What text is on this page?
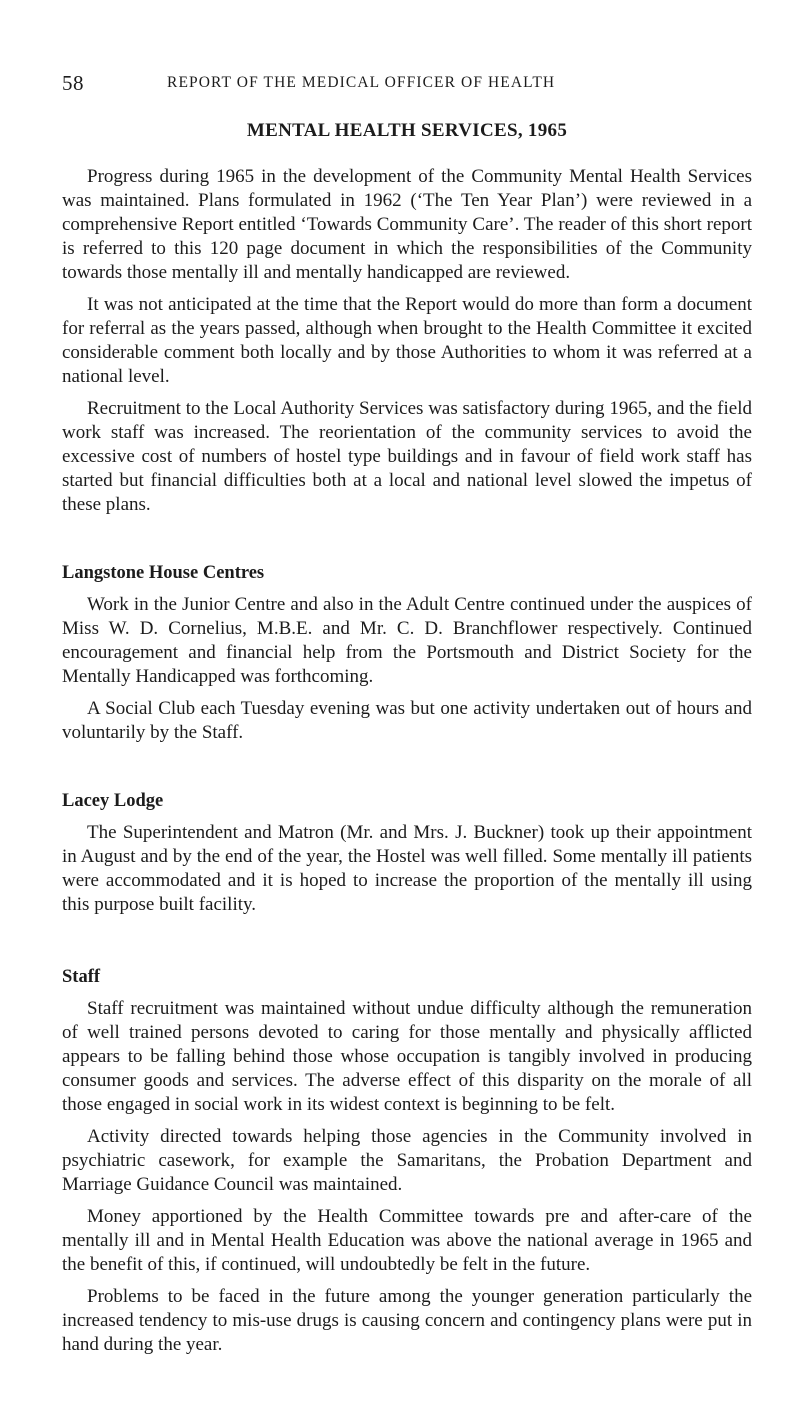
58	REPORT OF THE MEDICAL OFFICER OF HEALTH
MENTAL HEALTH SERVICES, 1965

Progress during 1965 in the development of the Community Mental Health Services was maintained. Plans formulated in 1962 (‘The Ten Year Plan’) were reviewed in a comprehensive Report entitled ‘Towards Community Care’. The reader of this short report is referred to this 120 page document in which the responsibilities of the Community towards those mentally ill and mentally handicapped are reviewed.

It was not anticipated at the time that the Report would do more than form a document for referral as the years passed, although when brought to the Health Committee it excited considerable comment both locally and by those Authorities to whom it was referred at a national level.

Recruitment to the Local Authority Services was satisfactory during 1965, and the field work staff was increased. The reorientation of the community services to avoid the excessive cost of numbers of hostel type buildings and in favour of field work staff has started but financial difficulties both at a local and national level slowed the impetus of these plans.

Langstone House Centres

Work in the Junior Centre and also in the Adult Centre continued under the auspices of Miss W. D. Cornelius, M.B.E. and Mr. C. D. Branchflower respectively. Continued encouragement and financial help from the Portsmouth and District Society for the Mentally Handicapped was forthcoming.

A Social Club each Tuesday evening was but one activity undertaken out of hours and voluntarily by the Staff.

Lacey Lodge

The Superintendent and Matron (Mr. and Mrs. J. Buckner) took up their appointment in August and by the end of the year, the Hostel was well filled. Some mentally ill patients were accommodated and it is hoped to increase the proportion of the mentally ill using this purpose built facility.

Staff

Staff recruitment was maintained without undue difficulty although the remuneration of well trained persons devoted to caring for those mentally and physically afflicted appears to be falling behind those whose occupation is tangibly involved in producing consumer goods and services. The adverse effect of this disparity on the morale of all those engaged in social work in its widest context is beginning to be felt.

Activity directed towards helping those agencies in the Community involved in psychiatric casework, for example the Samaritans, the Probation Department and Marriage Guidance Council was maintained.

Money apportioned by the Health Committee towards pre and after-care of the mentally ill and in Mental Health Education was above the national average in 1965 and the benefit of this, if continued, will undoubtedly be felt in the future.

Problems to be faced in the future among the younger generation particularly the increased tendency to mis-use drugs is causing concern and contingency plans were put in hand during the year.
